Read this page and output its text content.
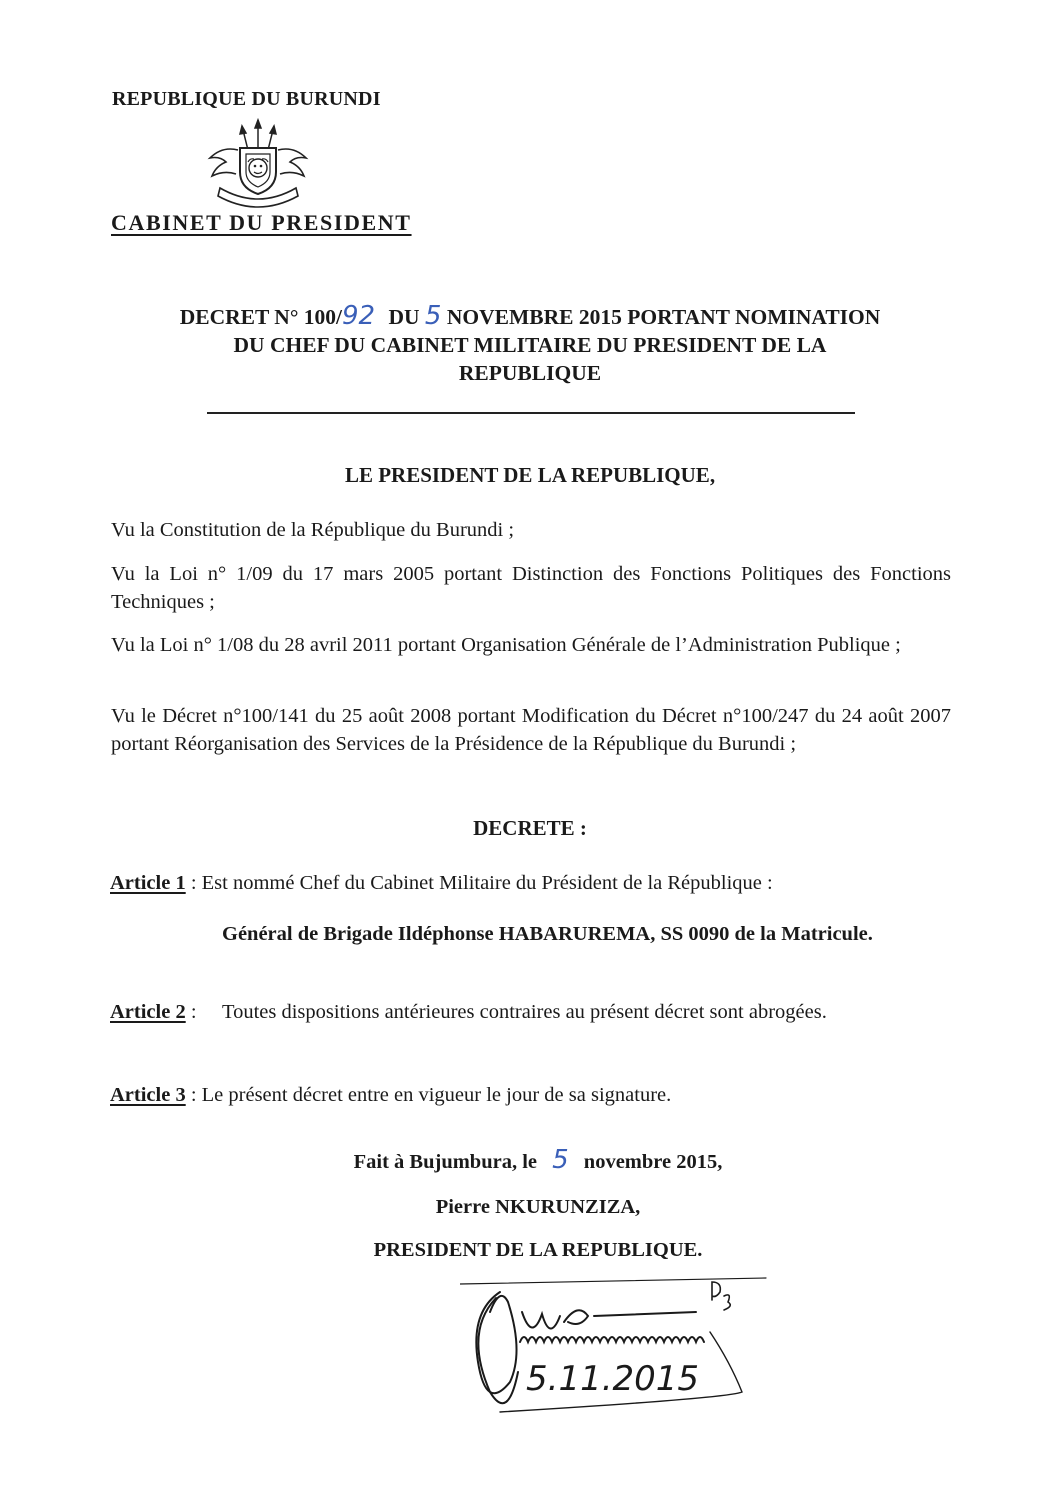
REPUBLIQUE DU BURUNDI
CABINET DU PRESIDENT
DECRET N° 100/92 DU 5 NOVEMBRE 2015 PORTANT NOMINATION
DU CHEF DU CABINET MILITAIRE DU PRESIDENT DE LA
REPUBLIQUE
LE PRESIDENT DE LA REPUBLIQUE,
Vu la Constitution de la République du Burundi ;
Vu la Loi n° 1/09 du 17 mars 2005 portant Distinction des Fonctions Politiques des Fonctions Techniques ;
Vu la Loi n° 1/08 du 28 avril 2011 portant Organisation Générale de l’Administration Publique ;
Vu le Décret n°100/141 du 25 août 2008 portant Modification du Décret n°100/247 du 24 août 2007 portant Réorganisation des Services de la Présidence de la République du Burundi ;
DECRETE :
Article 1 : Est nommé Chef du Cabinet Militaire du Président de la République :
Général de Brigade Ildéphonse HABARUREMA, SS 0090 de la Matricule.
Article 2 :	Toutes dispositions antérieures contraires au présent décret sont abrogées.
Article 3 : Le présent décret entre en vigueur le jour de sa signature.
Fait à Bujumbura, le 5 novembre 2015,
Pierre NKURUNZIZA,
PRESIDENT DE LA REPUBLIQUE.
5.11.2015
